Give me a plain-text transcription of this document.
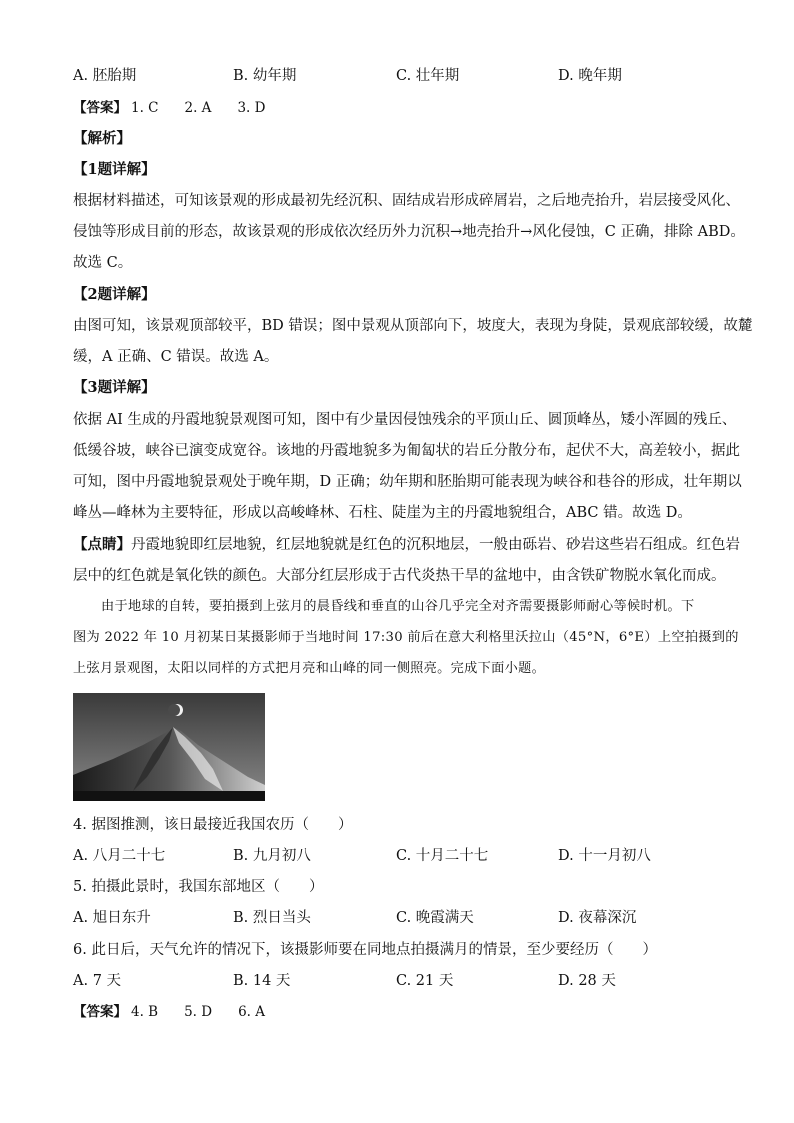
A. 胚胎期	B. 幼年期	C. 壮年期	D. 晚年期
【答案】 1. C 2. A 3. D
【解析】
【1题详解】
根据材料描述，可知该景观的形成最初先经沉积、固结成岩形成碎屑岩，之后地壳抬升，岩层接受风化、
侵蚀等形成目前的形态，故该景观的形成依次经历外力沉积→地壳抬升→风化侵蚀，C 正确，排除 ABD。
故选 C。
【2题详解】
由图可知，该景观顶部较平，BD 错误；图中景观从顶部向下，坡度大，表现为身陡，景观底部较缓，故麓
缓，A 正确、C 错误。故选 A。
【3题详解】
依据 AI 生成的丹霞地貌景观图可知，图中有少量因侵蚀残余的平顶山丘、圆顶峰丛，矮小浑圆的残丘、
低缓谷坡，峡谷已演变成宽谷。该地的丹霞地貌多为匍匐状的岩丘分散分布，起伏不大，高差较小，据此
可知，图中丹霞地貌景观处于晚年期，D 正确；幼年期和胚胎期可能表现为峡谷和巷谷的形成，壮年期以
峰丛—峰林为主要特征，形成以高峻峰林、石柱、陡崖为主的丹霞地貌组合，ABC 错。故选 D。
【点睛】丹霞地貌即红层地貌，红层地貌就是红色的沉积地层，一般由砾岩、砂岩这些岩石组成。红色岩
层中的红色就是氧化铁的颜色。大部分红层形成于古代炎热干旱的盆地中，由含铁矿物脱水氧化而成。
由于地球的自转，要拍摄到上弦月的晨昏线和垂直的山谷几乎完全对齐需要摄影师耐心等候时机。下
图为 2022 年 10 月初某日某摄影师于当地时间 17:30 前后在意大利格里沃拉山（45°N，6°E）上空拍摄到的
上弦月景观图，太阳以同样的方式把月亮和山峰的同一侧照亮。完成下面小题。
4. 据图推测，该日最接近我国农历（　　）
A. 八月二十七	B. 九月初八	C. 十月二十七	D. 十一月初八
5. 拍摄此景时，我国东部地区（　　）
A. 旭日东升	B. 烈日当头	C. 晚霞满天	D. 夜幕深沉
6. 此日后，天气允许的情况下，该摄影师要在同地点拍摄满月的情景，至少要经历（　　）
A. 7 天	B. 14 天	C. 21 天	D. 28 天
【答案】 4. B 5. D 6. A
